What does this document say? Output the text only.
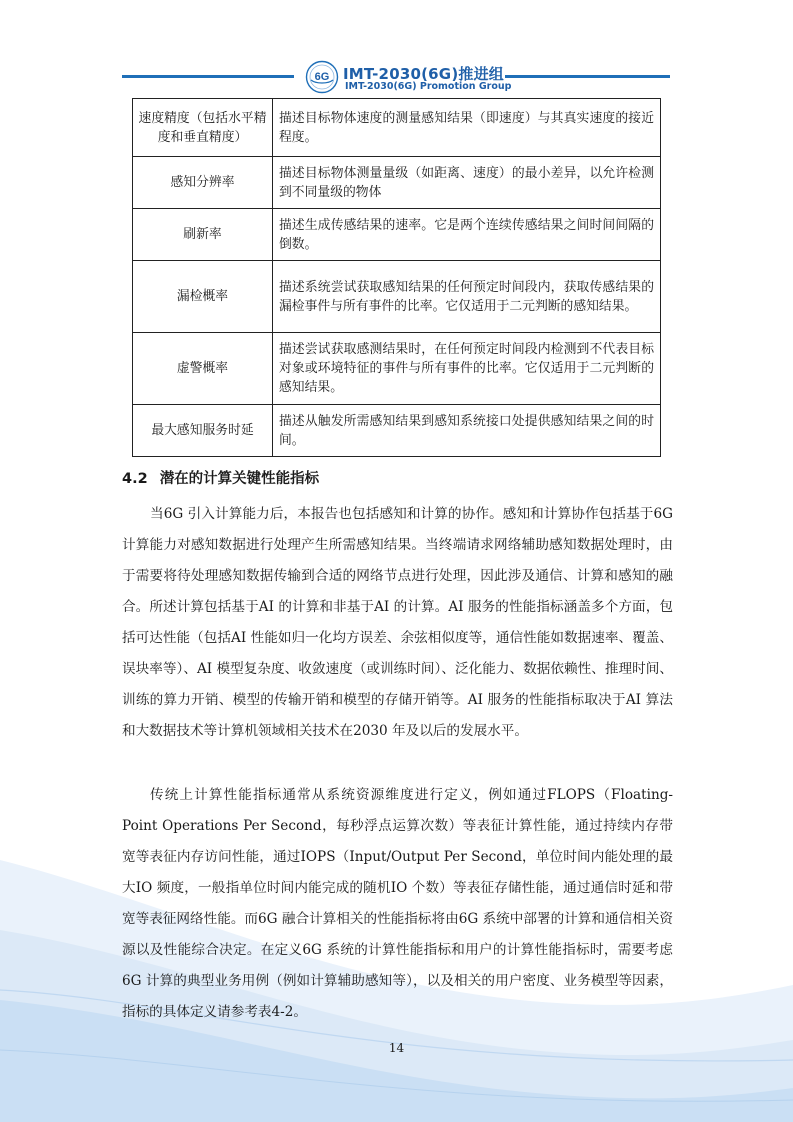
6G IMT-2030(6G)推进组
IMT-2030(6G) Promotion Group
速度精度（包括水平精度和垂直精度）	描述目标物体速度的测量感知结果（即速度）与其真实速度的接近程度。
感知分辨率	描述目标物体测量量级（如距离、速度）的最小差异，以允许检测到不同量级的物体
刷新率	描述生成传感结果的速率。它是两个连续传感结果之间时间间隔的倒数。
漏检概率	描述系统尝试获取感知结果的任何预定时间段内，获取传感结果的漏检事件与所有事件的比率。它仅适用于二元判断的感知结果。
虚警概率	描述尝试获取感测结果时，在任何预定时间段内检测到不代表目标对象或环境特征的事件与所有事件的比率。它仅适用于二元判断的感知结果。
最大感知服务时延	描述从触发所需感知结果到感知系统接口处提供感知结果之间的时间。
4.2 潜在的计算关键性能指标

当6G 引入计算能力后，本报告也包括感知和计算的协作。感知和计算协作包括基于6G 计算能力对感知数据进行处理产生所需感知结果。当终端请求网络辅助感知数据处理时，由于需要将待处理感知数据传输到合适的网络节点进行处理，因此涉及通信、计算和感知的融合。所述计算包括基于AI 的计算和非基于AI 的计算。AI 服务的性能指标涵盖多个方面，包括可达性能（包括AI 性能如归一化均方误差、余弦相似度等，通信性能如数据速率、覆盖、误块率等）、AI 模型复杂度、收敛速度（或训练时间）、泛化能力、数据依赖性、推理时间、训练的算力开销、模型的传输开销和模型的存储开销等。AI 服务的性能指标取决于AI 算法和大数据技术等计算机领域相关技术在2030 年及以后的发展水平。

传统上计算性能指标通常从系统资源维度进行定义，例如通过FLOPS（Floating-Point Operations Per Second，每秒浮点运算次数）等表征计算性能，通过持续内存带宽等表征内存访问性能，通过IOPS（Input/Output Per Second，单位时间内能处理的最大IO 频度，一般指单位时间内能完成的随机IO 个数）等表征存储性能，通过通信时延和带宽等表征网络性能。而6G 融合计算相关的性能指标将由6G 系统中部署的计算和通信相关资源以及性能综合决定。在定义6G 系统的计算性能指标和用户的计算性能指标时，需要考虑6G 计算的典型业务用例（例如计算辅助感知等），以及相关的用户密度、业务模型等因素，指标的具体定义请参考表4-2。

14
